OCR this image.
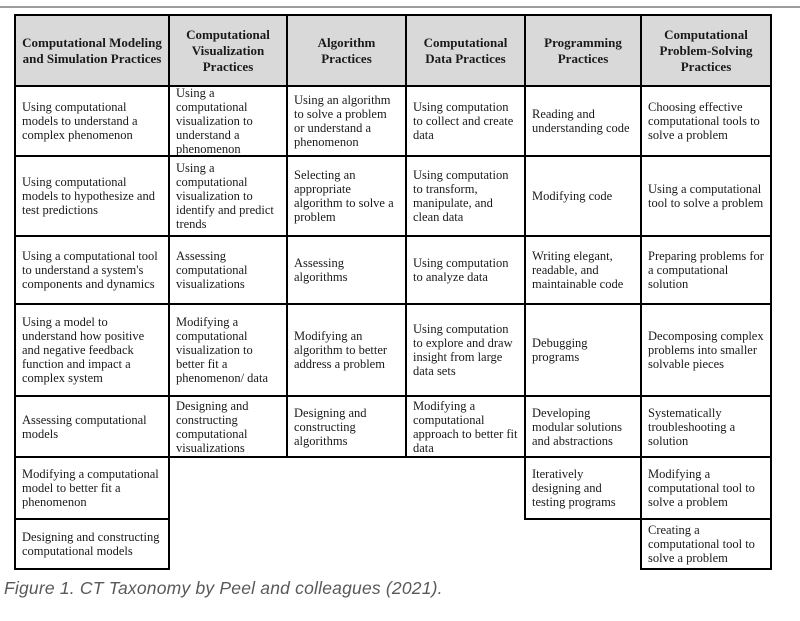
Computational Modeling and Simulation Practices
Using computational models to understand a complex phenomenon
Using computational models to hypothesize and test predictions
Using a computational tool to understand a system's components and dynamics
Using a model to understand how positive and negative feedback function and impact a complex system
Assessing computational models
Modifying a computational model to better fit a phenomenon
Designing and constructing computational models
Computational Visualization Practices
Using a computational visualization to understand a phenomenon
Using a computational visualization to identify and predict trends
Assessing computational visualizations
Modifying a computational visualization to better fit a phenomenon/ data
Designing and constructing computational visualizations
Algorithm Practices
Using an algorithm to solve a problem or understand a phenomenon
Selecting an appropriate algorithm to solve a problem
Assessing algorithms
Modifying an algorithm to better address a problem
Designing and constructing algorithms
Computational Data Practices
Using computation to collect and create data
Using computation to transform, manipulate, and clean data
Using computation to analyze data
Using computation to explore and draw insight from large data sets
Modifying a computational approach to better fit data
Programming Practices
Reading and understanding code
Modifying code
Writing elegant, readable, and maintainable code
Debugging programs
Developing modular solutions and abstractions
Iteratively designing and testing programs
Computational Problem-Solving Practices
Choosing effective computational tools to solve a problem
Using a computational tool to solve a problem
Preparing problems for a computational solution
Decomposing complex problems into smaller solvable pieces
Systematically troubleshooting a solution
Modifying a computational tool to solve a problem
Creating a computational tool to solve a problem
Figure 1. CT Taxonomy by Peel and colleagues (2021).
